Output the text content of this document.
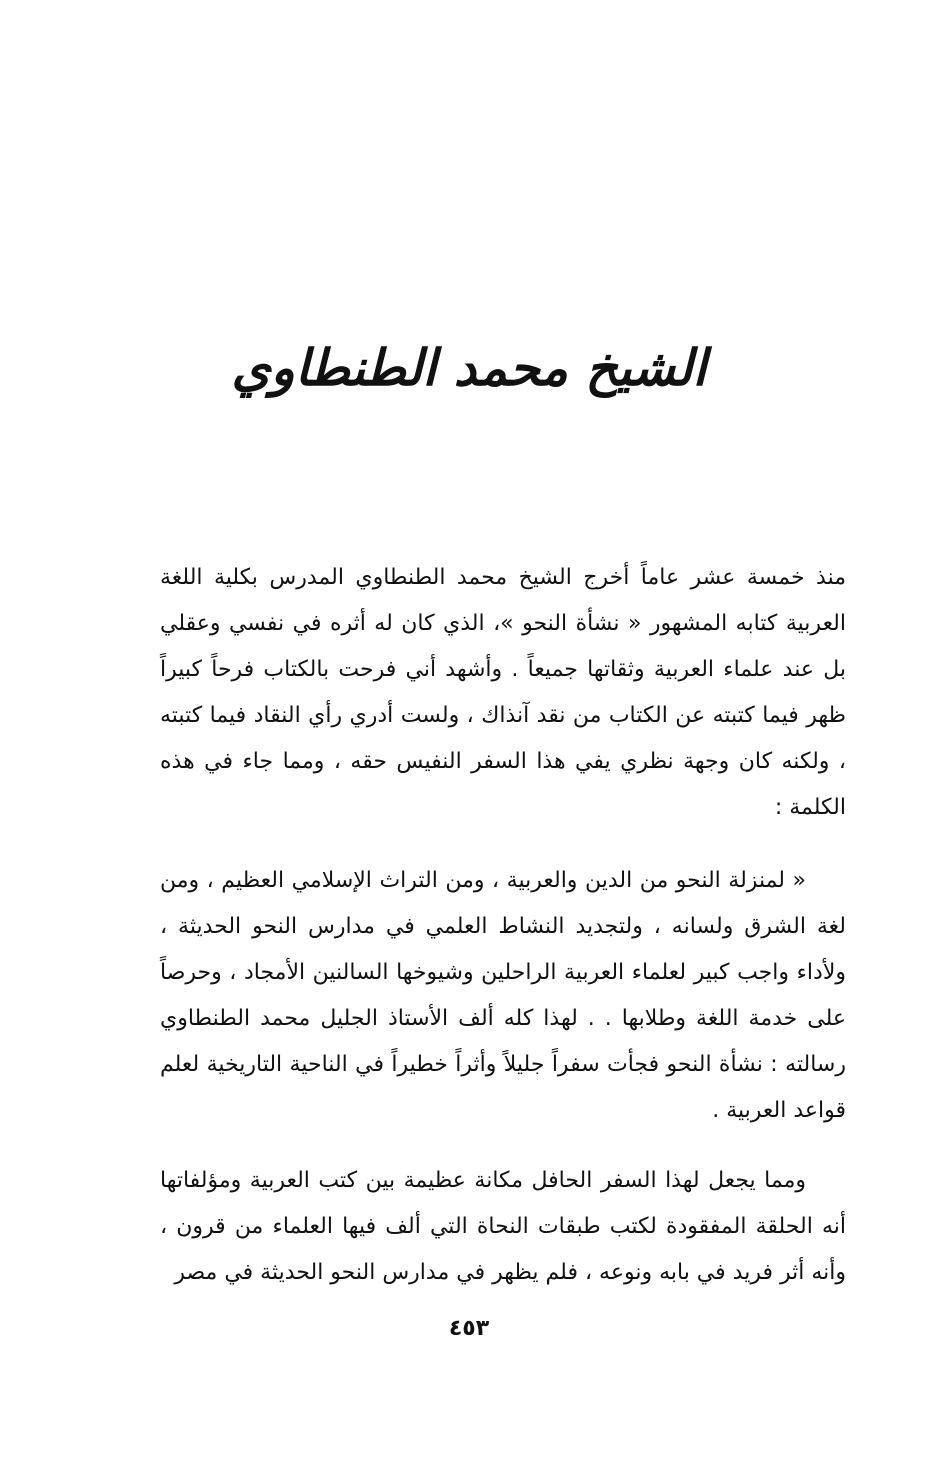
الشيخ محمد الطنطاوي

منذ خمسة عشر عاماً أخرج الشيخ محمد الطنطاوي المدرس بكلية اللغة العربية كتابه المشهور « نشأة النحو »، الذي كان له أثره في نفسي وعقلي بل عند علماء العربية وثقاتها جميعاً . وأشهد أني فرحت بالكتاب فرحاً كبيراً ظهر فيما كتبته عن الكتاب من نقد آنذاك ، ولست أدري رأي النقاد فيما كتبته ، ولكنه كان وجهة نظري يفي هذا السفر النفيس حقه ، ومما جاء في هذه الكلمة :

« لمنزلة النحو من الدين والعربية ، ومن التراث الإسلامي العظيم ، ومن لغة الشرق ولسانه ، ولتجديد النشاط العلمي في مدارس النحو الحديثة ، ولأداء واجب كبير لعلماء العربية الراحلين وشيوخها السالنين الأمجاد ، وحرصاً على خدمة اللغة وطلابها . . لهذا كله ألف الأستاذ الجليل محمد الطنطاوي رسالته : نشأة النحو فجأت سفراً جليلاً وأثراً خطيراً في الناحية التاريخية لعلم قواعد العربية .

ومما يجعل لهذا السفر الحافل مكانة عظيمة بين كتب العربية ومؤلفاتها أنه الحلقة المفقودة لكتب طبقات النحاة التي ألف فيها العلماء من قرون ، وأنه أثر فريد في بابه ونوعه ، فلم يظهر في مدارس النحو الحديثة في مصر

٤٥٣
